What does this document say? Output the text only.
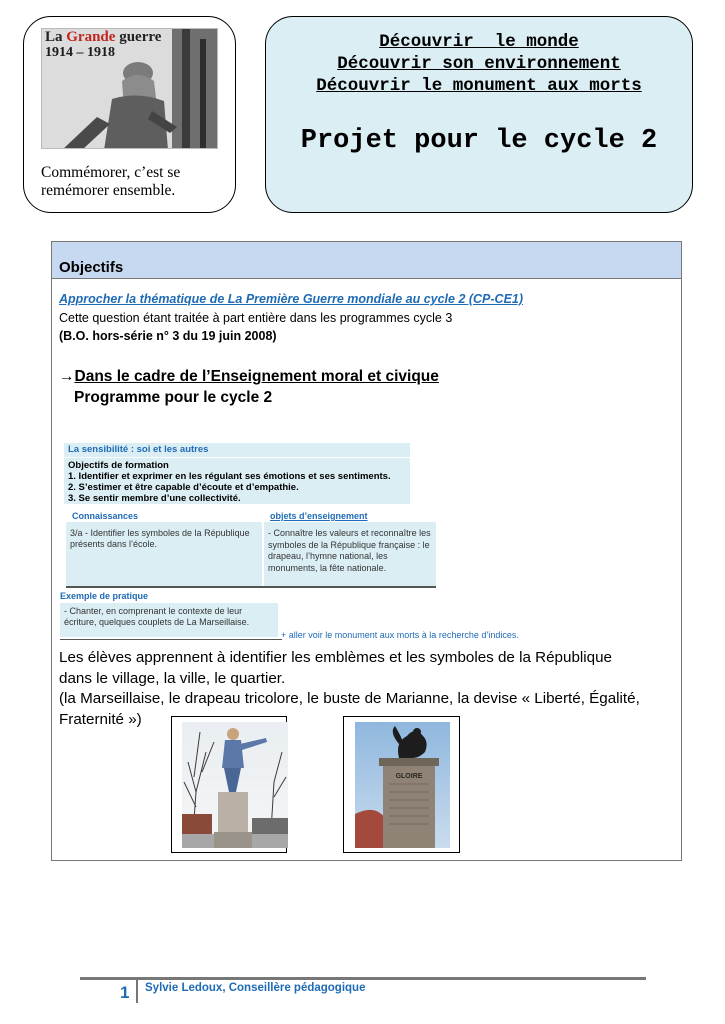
La Grande guerre
1914 – 1918
Commémorer, c’est se remémorer ensemble.
Découvrir  le monde
Découvrir son environnement
Découvrir le monument aux morts
Projet pour le cycle 2
Objectifs
Approcher la thématique de La Première Guerre mondiale au cycle 2 (CP-CE1)
Cette question étant traitée à part entière dans les programmes cycle 3
(B.O. hors-série n° 3 du 19 juin 2008)
→Dans le cadre de l’Enseignement moral et civique
Programme pour le cycle 2
La sensibilité : soi et les autres
Objectifs de formation
1. Identifier et exprimer en les régulant ses émotions et ses sentiments.
2. S’estimer et être capable d’écoute et d’empathie.
3. Se sentir membre d’une collectivité.
Connaissances	objets d’enseignement
3/a - Identifier les symboles de la République présents dans l’école.
- Connaître les valeurs et reconnaître les symboles de la République française : le drapeau, l’hymne national, les monuments, la fête nationale.
Exemple de pratique
- Chanter, en comprenant le contexte de leur écriture, quelques couplets de La Marseillaise.
+ aller voir le monument aux morts à la recherche d’indices.
Les élèves apprennent à identifier les emblèmes et les symboles de la République
dans le village, la ville, le quartier.
(la Marseillaise, le drapeau tricolore, le buste de Marianne, la devise « Liberté, Égalité,
Fraternité »)
GLOIRE
1 Sylvie Ledoux, Conseillère pédagogique
